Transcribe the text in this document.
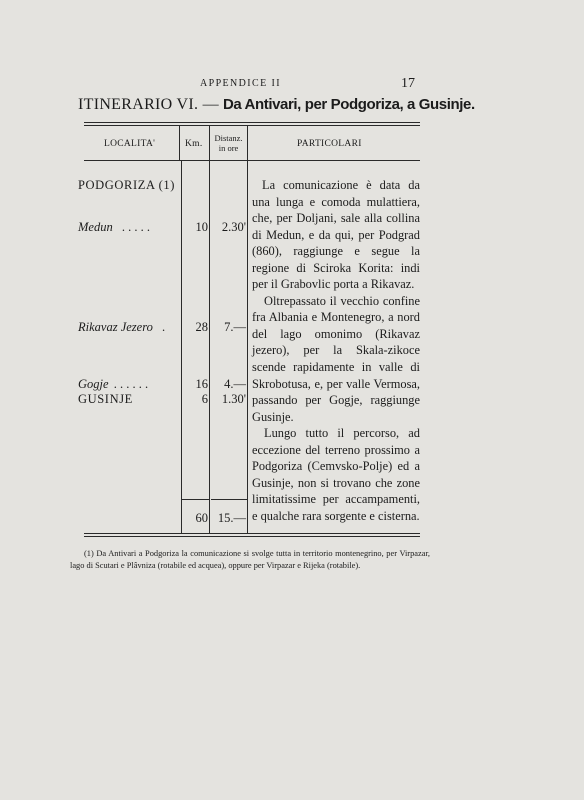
APPENDICE II	17
ITINERARIO VI. — Da Antivari, per Podgoriza, a Gusinje.
LOCALITA'	Km.
Distanz.
in ore	PARTICOLARI
PODGORIZA (1)
Medun . . . . .	10	2.30'
Rikavaz Jezero .	28	7.—
Gogje . . . . . .	16	4.—
GUSINJE	6	1.30'
60 15.—

La comunicazione è data da una lunga e comoda mulattiera, che, per Doljani, sale alla collina di Medun, e da qui, per Podgrad (860), raggiunge e segue la regione di Sciroka Korita: indi per il Grabovlic porta a Rikavaz.

Oltrepassato il vecchio confine fra Albania e Montenegro, a nord del lago omonimo (Rikavaz jezero), per la Skala-zikoce scende rapidamente in valle di Skrobotusa, e, per valle Vermosa, passando per Gogje, raggiunge Gusinje.

Lungo tutto il percorso, ad eccezione del terreno prossimo a Podgoriza (Cemvsko-Polje) ed a Gusinje, non si trovano che zone limitatissime per accampamenti, e qualche rara sorgente e cisterna.

(1) Da Antivari a Podgoriza la comunicazione si svolge tutta in territorio montenegrino, per Virpazar, lago di Scutari e Plâvniza (rotabile ed acquea), oppure per Virpazar e Rijeka (rotabile).
